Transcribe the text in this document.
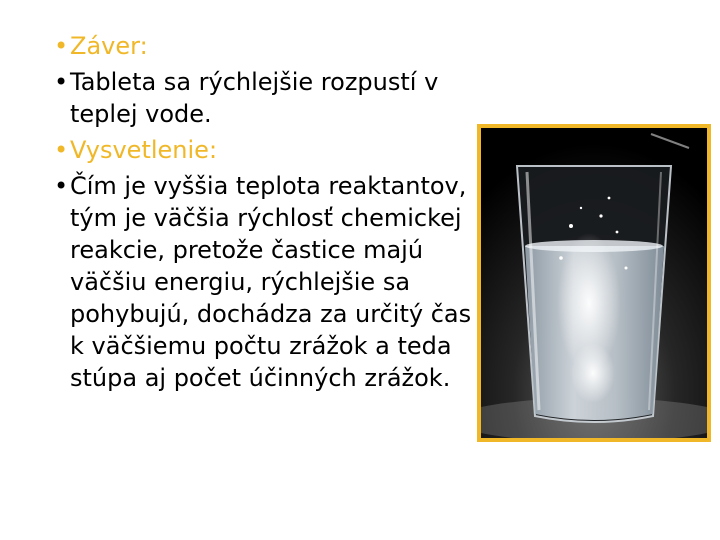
• Záver:
• Tableta sa rýchlejšie rozpustí v teplej vode.
• Vysvetlenie:
• Čím je vyššia teplota reaktantov, tým je väčšia rýchlosť chemickej reakcie, pretože častice majú väčšiu energiu, rýchlejšie sa pohybujú, dochádza za určitý čas k väčšiemu počtu zrážok a teda stúpa aj počet účinných zrážok.
